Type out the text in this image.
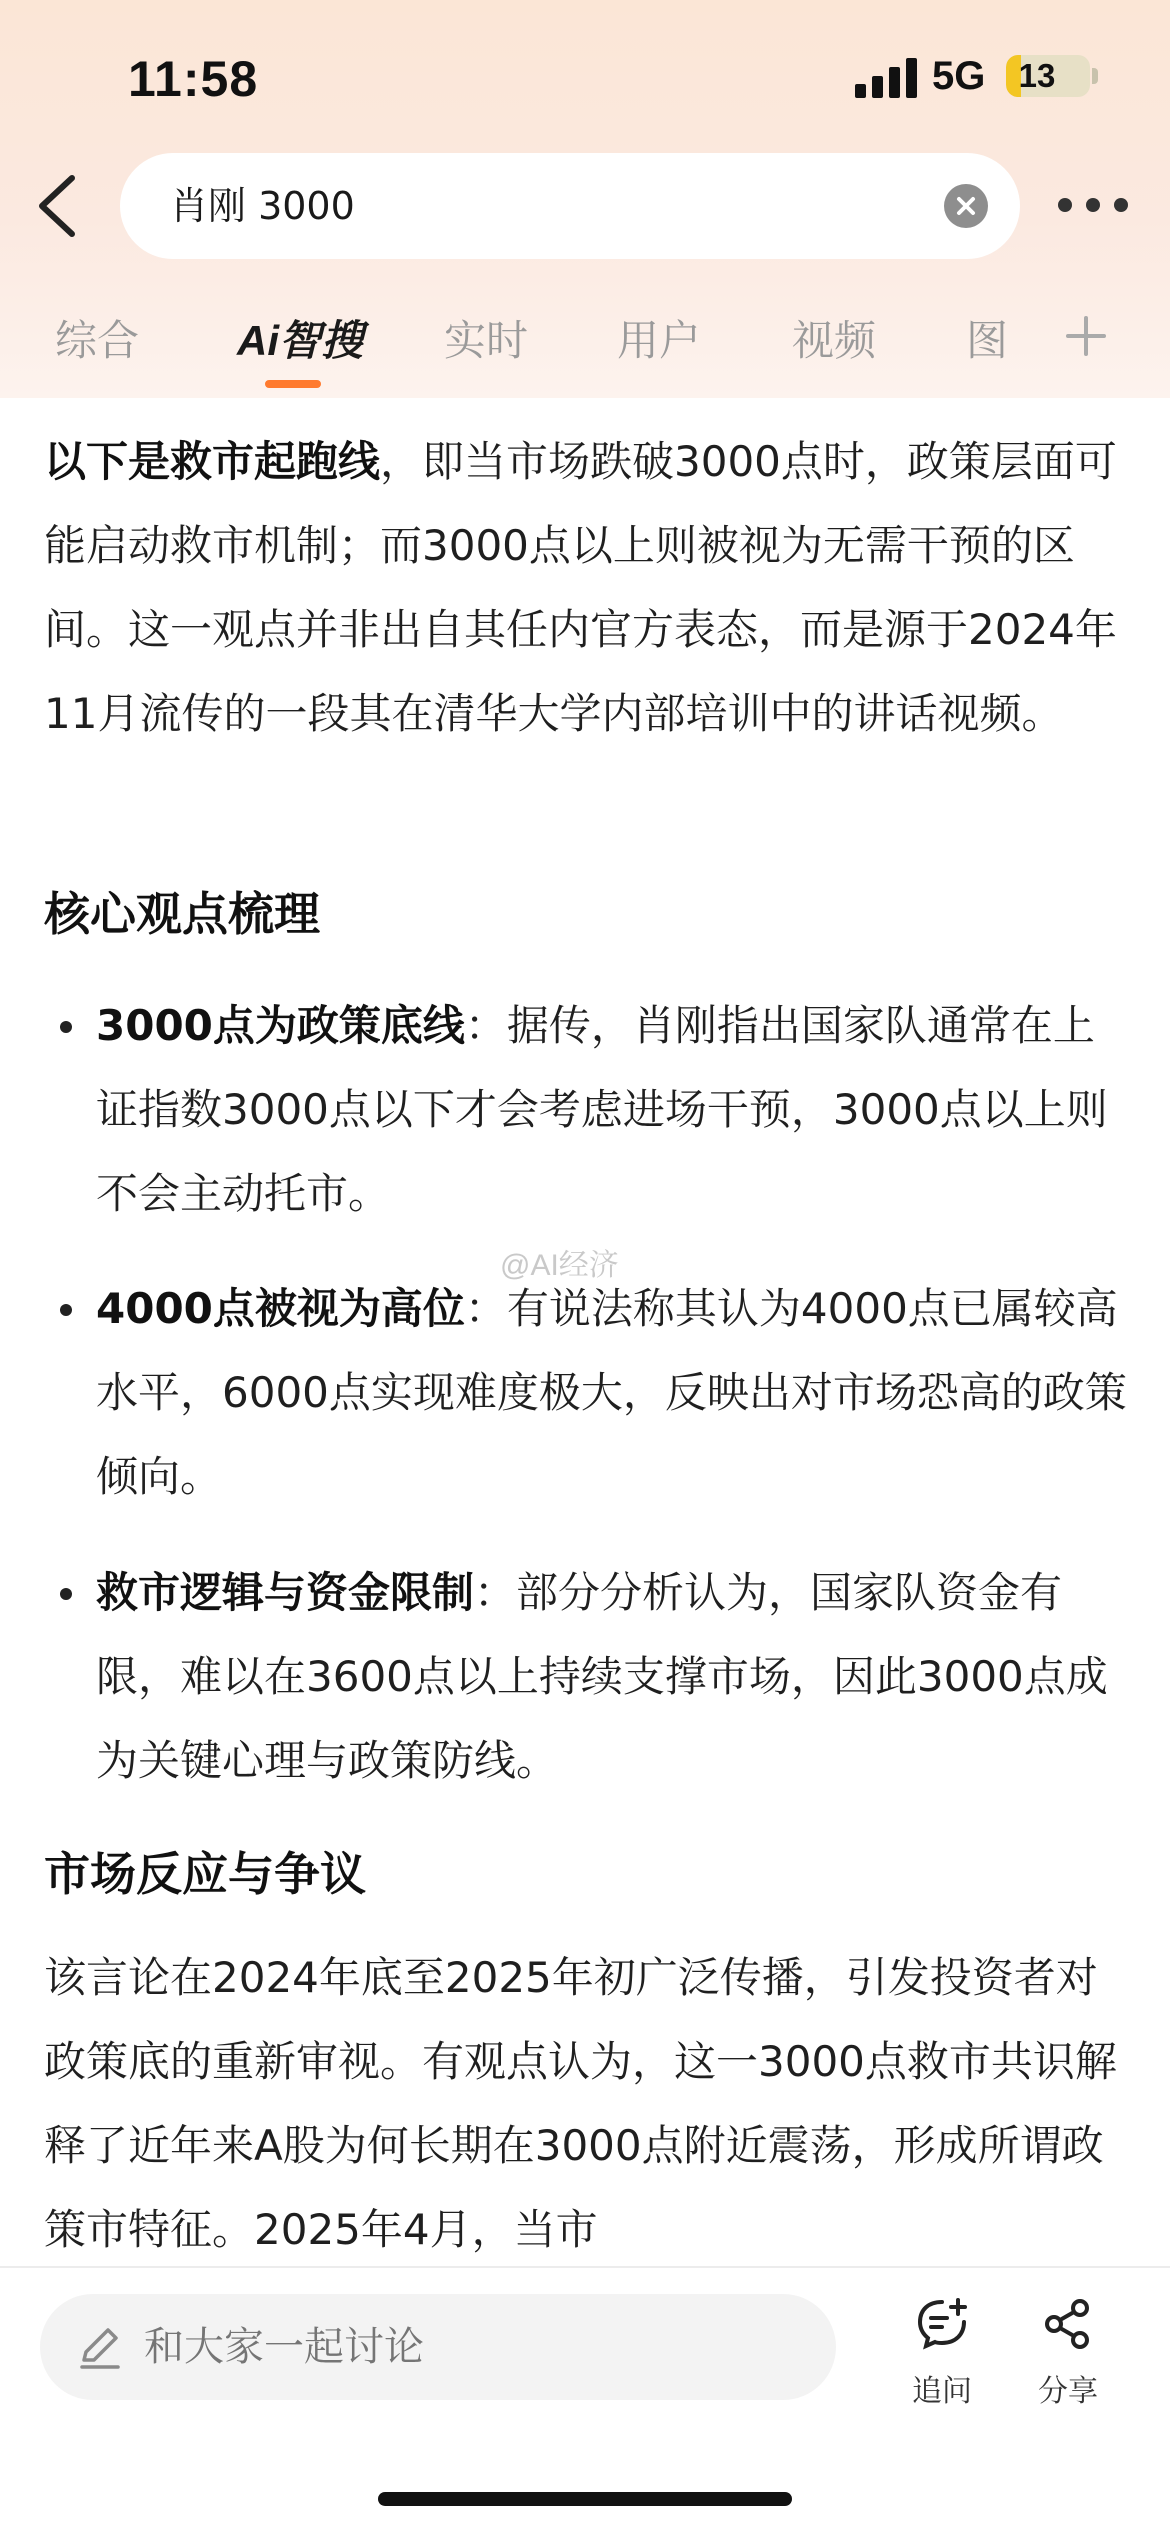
11:58	5G	13
肖刚 3000
综合 Ai智搜 实时 用户 视频 图

以下是救市起跑线，即当市场跌破3000点时，政策层面可能启动救市机制；而3000点以上则被视为无需干预的区间。这一观点并非出自其任内官方表态，而是源于2024年11月流传的一段其在清华大学内部培训中的讲话视频。

核心观点梳理

3000点为政策底线：据传，肖刚指出国家队通常在上证指数3000点以下才会考虑进场干预，3000点以上则不会主动托市。

@AI经济

4000点被视为高位：有说法称其认为4000点已属较高水平，6000点实现难度极大，反映出对市场恐高的政策倾向。

救市逻辑与资金限制：部分分析认为，国家队资金有限，难以在3600点以上持续支撑市场，因此3000点成为关键心理与政策防线。

市场反应与争议

该言论在2024年底至2025年初广泛传播，引发投资者对政策底的重新审视。有观点认为，这一3000点救市共识解释了近年来A股为何长期在3000点附近震荡，形成所谓政策市特征。2025年4月，当市

和大家一起讨论
追问	分享
